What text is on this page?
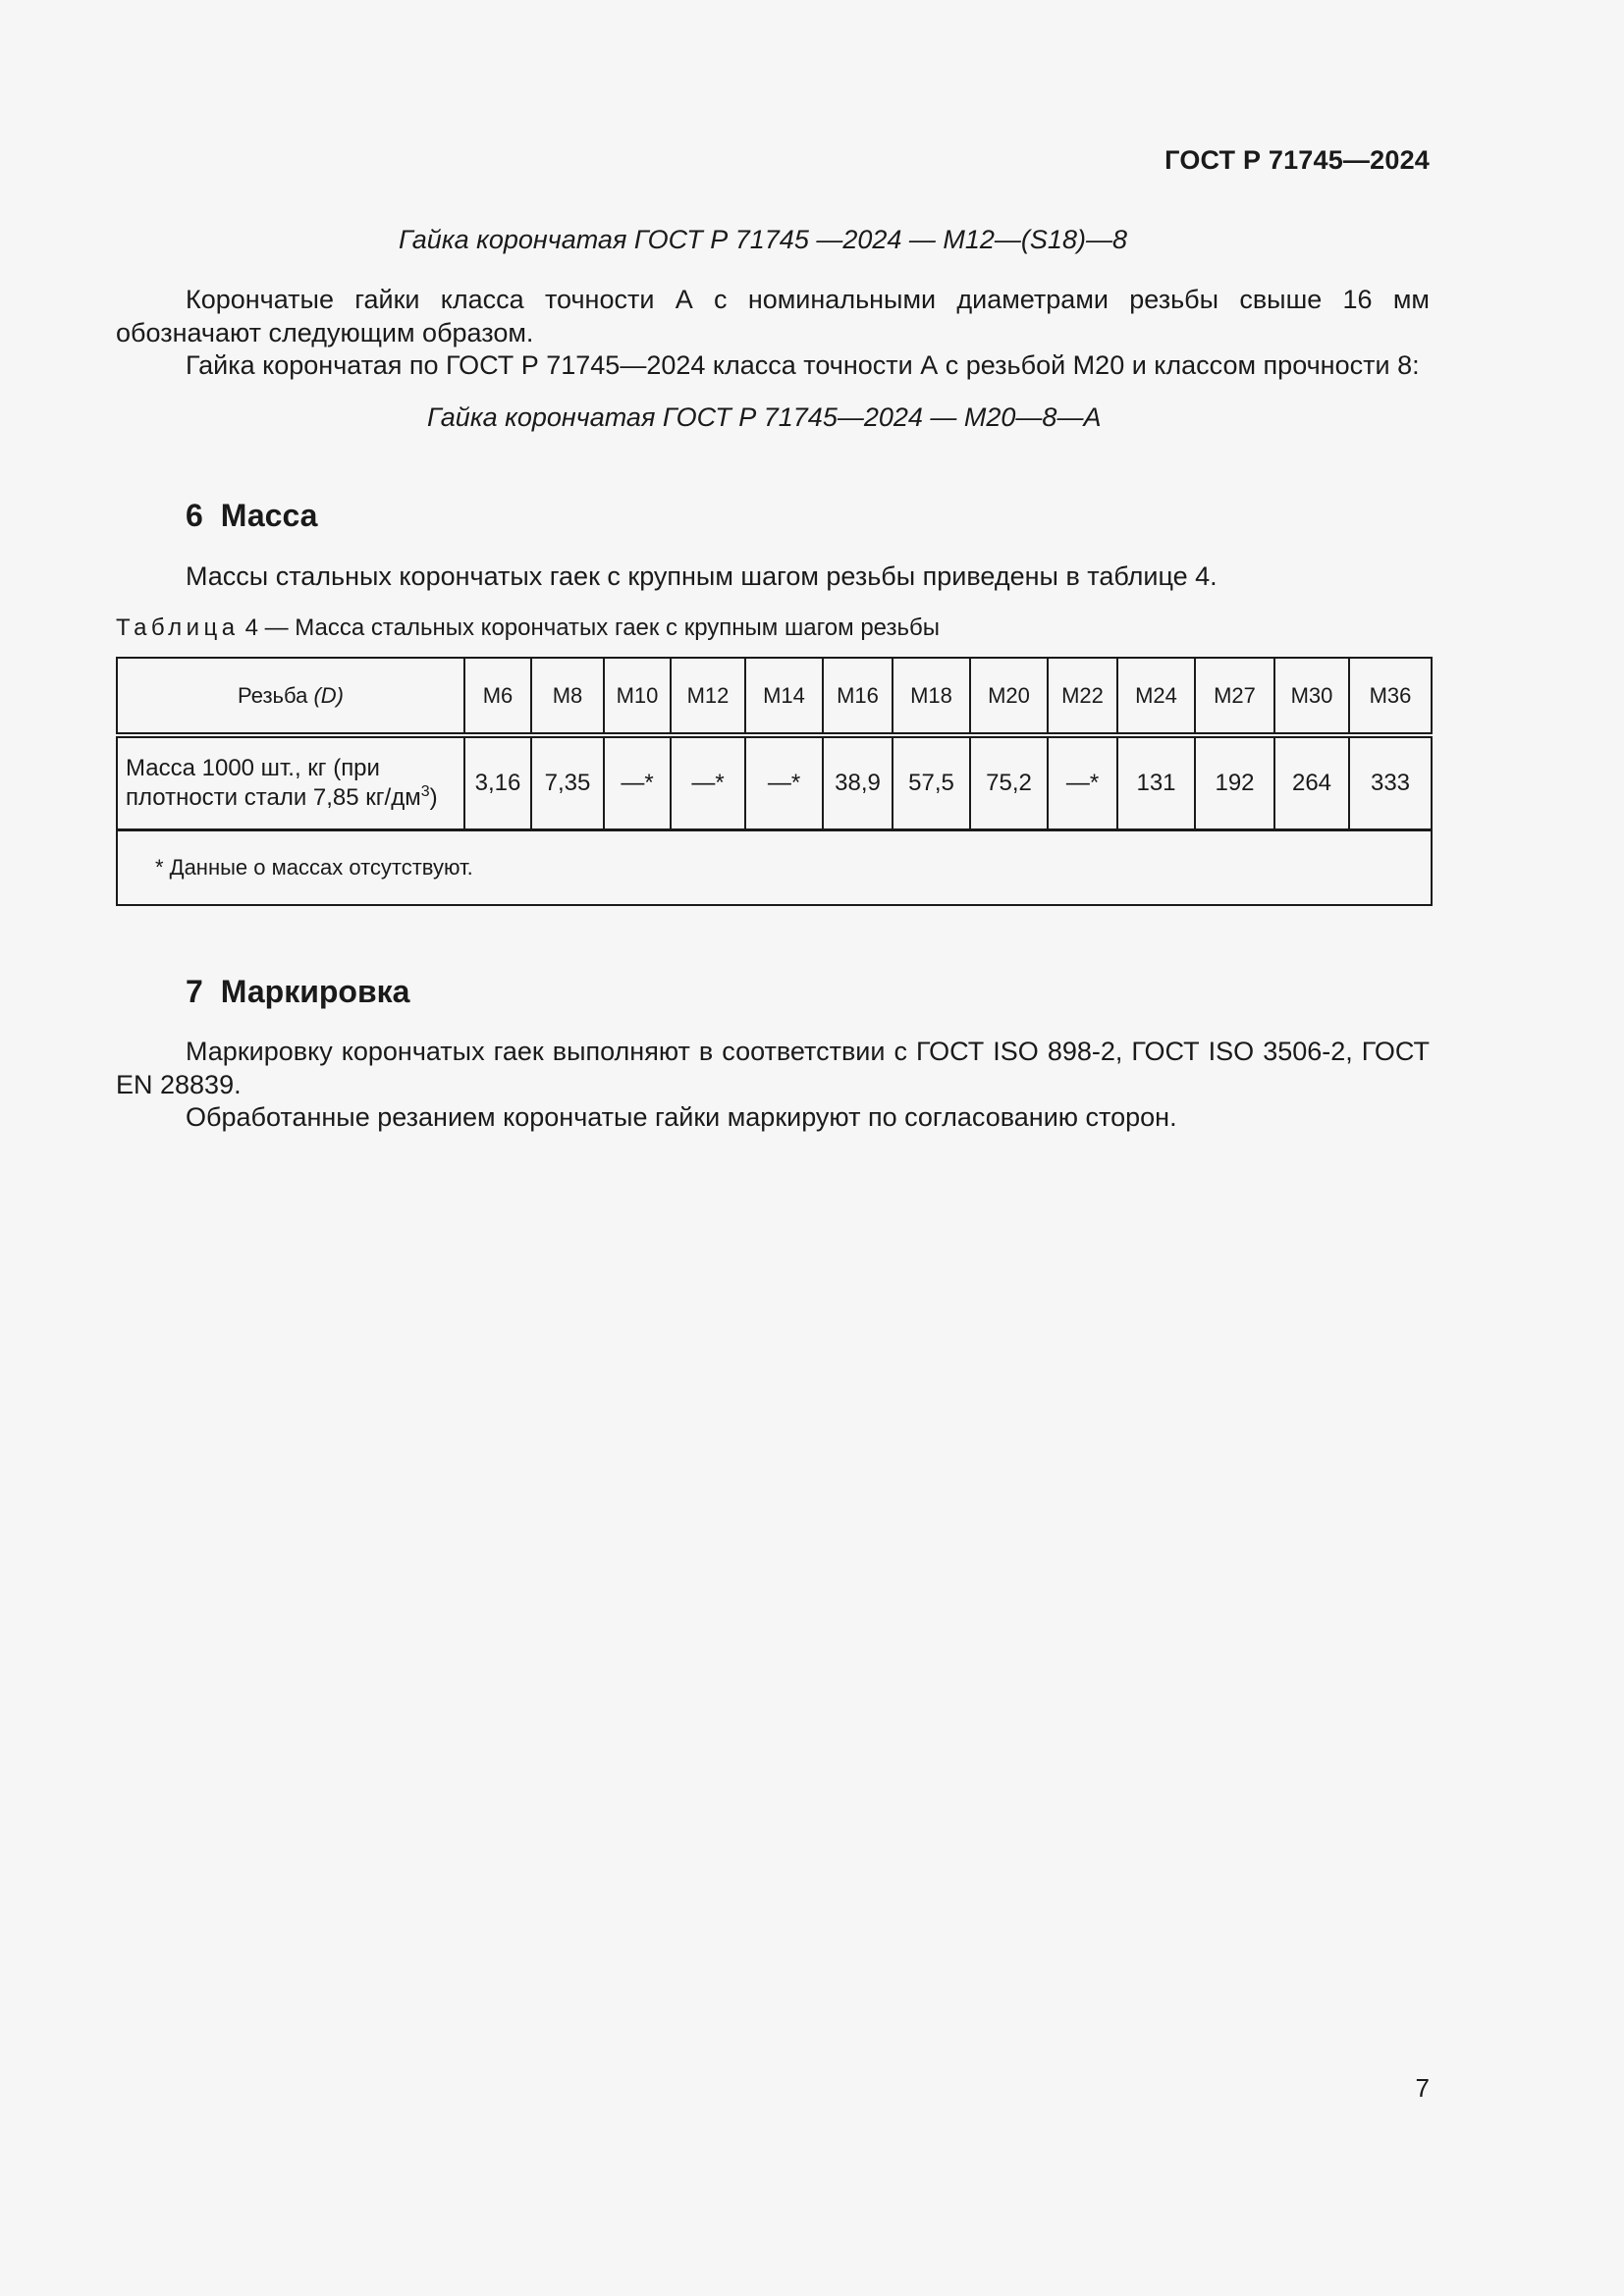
ГОСТ Р 71745—2024
Гайка корончатая ГОСТ Р 71745 —2024 — М12—(S18)—8

Корончатые гайки класса точности А с номинальными диаметрами резьбы свыше 16 мм обозначают следующим образом.

Гайка корончатая по ГОСТ Р 71745—2024 класса точности А с резьбой М20 и классом прочности 8:

Гайка корончатая ГОСТ Р 71745—2024 — М20—8—А
6 Масса

Массы стальных корончатых гаек с крупным шагом резьбы приведены в таблице 4.

Таблица 4 — Масса стальных корончатых гаек с крупным шагом резьбы
Резьба (D)	М6	М8	М10	М12	М14	М16	М18	М20	М22	М24	М27	М30	М36
Масса 1000 шт., кг (при плотности стали 7,85 $кг/дм^3$)	3,16	7,35	—*	—*	—*	38,9	57,5	75,2	—*	131	192	264	333
* Данные о массах отсутствуют.													
7 Маркировка

Маркировку корончатых гаек выполняют в соответствии с ГОСТ ISO 898-2, ГОСТ ISO 3506-2, ГОСТ EN 28839.

Обработанные резанием корончатые гайки маркируют по согласованию сторон.

7
